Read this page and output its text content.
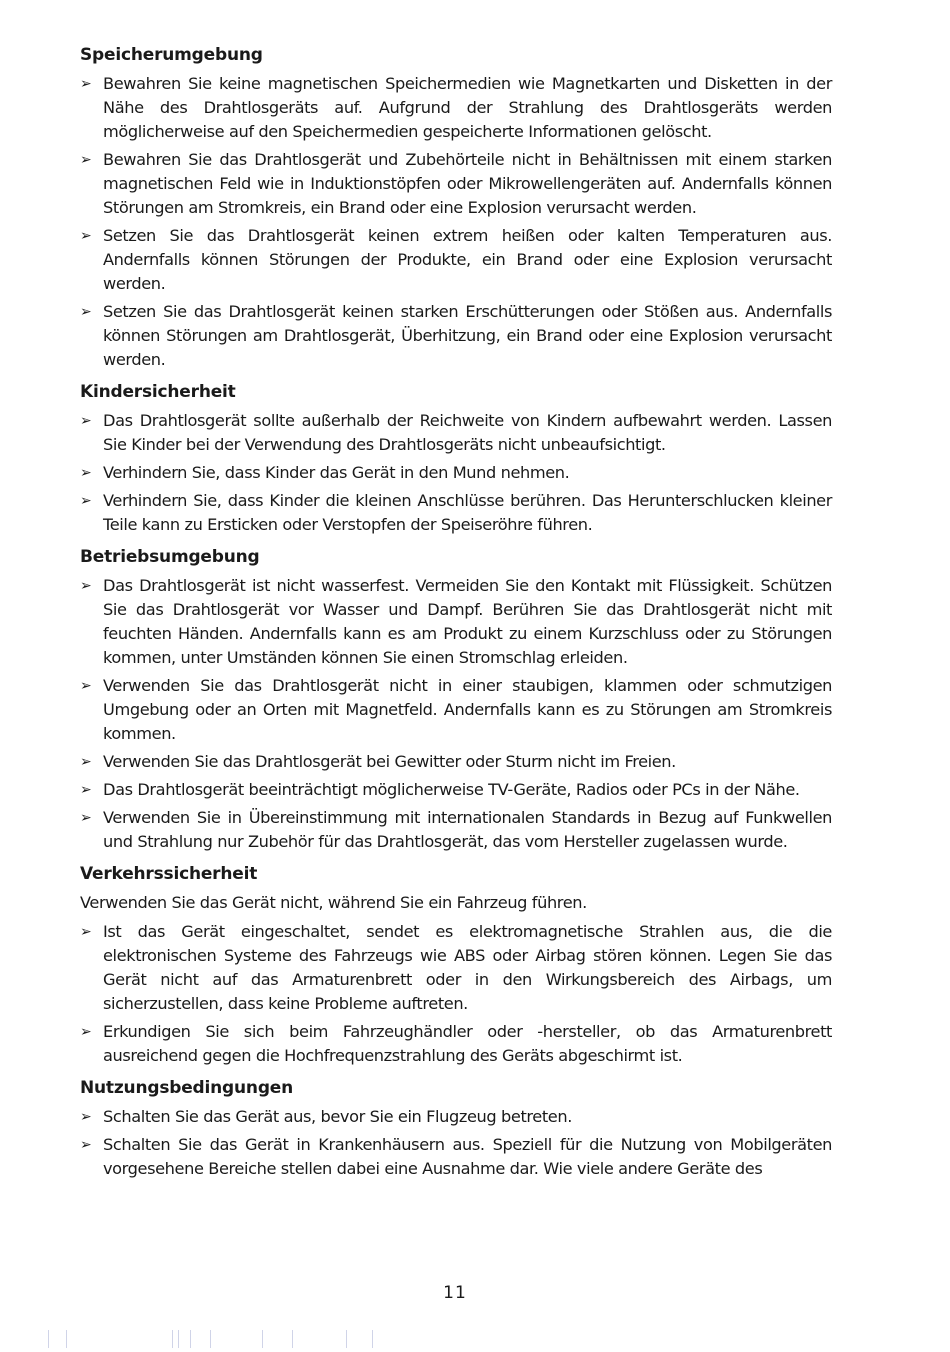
Speicherumgebung
➢ Bewahren Sie keine magnetischen Speichermedien wie Magnetkarten und Disketten in der Nähe des Drahtlosgeräts auf. Aufgrund der Strahlung des Drahtlosgeräts werden möglicherweise auf den Speichermedien gespeicherte Informationen gelöscht.
➢ Bewahren Sie das Drahtlosgerät und Zubehörteile nicht in Behältnissen mit einem starken magnetischen Feld wie in Induktionstöpfen oder Mikrowellengeräten auf. Andernfalls können Störungen am Stromkreis, ein Brand oder eine Explosion verursacht werden.
➢ Setzen Sie das Drahtlosgerät keinen extrem heißen oder kalten Temperaturen aus. Andernfalls können Störungen der Produkte, ein Brand oder eine Explosion verursacht werden.
➢ Setzen Sie das Drahtlosgerät keinen starken Erschütterungen oder Stößen aus. Andernfalls können Störungen am Drahtlosgerät, Überhitzung, ein Brand oder eine Explosion verursacht werden.
Kindersicherheit
➢ Das Drahtlosgerät sollte außerhalb der Reichweite von Kindern aufbewahrt werden. Lassen Sie Kinder bei der Verwendung des Drahtlosgeräts nicht unbeaufsichtigt.
➢ Verhindern Sie, dass Kinder das Gerät in den Mund nehmen.
➢ Verhindern Sie, dass Kinder die kleinen Anschlüsse berühren. Das Herunterschlucken kleiner Teile kann zu Ersticken oder Verstopfen der Speiseröhre führen.
Betriebsumgebung
➢ Das Drahtlosgerät ist nicht wasserfest. Vermeiden Sie den Kontakt mit Flüssigkeit. Schützen Sie das Drahtlosgerät vor Wasser und Dampf. Berühren Sie das Drahtlosgerät nicht mit feuchten Händen. Andernfalls kann es am Produkt zu einem Kurzschluss oder zu Störungen kommen, unter Umständen können Sie einen Stromschlag erleiden.
➢ Verwenden Sie das Drahtlosgerät nicht in einer staubigen, klammen oder schmutzigen Umgebung oder an Orten mit Magnetfeld. Andernfalls kann es zu Störungen am Stromkreis kommen.
➢ Verwenden Sie das Drahtlosgerät bei Gewitter oder Sturm nicht im Freien.
➢ Das Drahtlosgerät beeinträchtigt möglicherweise TV-Geräte, Radios oder PCs in der Nähe.
➢ Verwenden Sie in Übereinstimmung mit internationalen Standards in Bezug auf Funkwellen und Strahlung nur Zubehör für das Drahtlosgerät, das vom Hersteller zugelassen wurde.
Verkehrssicherheit

Verwenden Sie das Gerät nicht, während Sie ein Fahrzeug führen.

➢ Ist das Gerät eingeschaltet, sendet es elektromagnetische Strahlen aus, die die elektronischen Systeme des Fahrzeugs wie ABS oder Airbag stören können. Legen Sie das Gerät nicht auf das Armaturenbrett oder in den Wirkungsbereich des Airbags, um sicherzustellen, dass keine Probleme auftreten.
➢ Erkundigen Sie sich beim Fahrzeughändler oder -hersteller, ob das Armaturenbrett ausreichend gegen die Hochfrequenzstrahlung des Geräts abgeschirmt ist.
Nutzungsbedingungen
➢ Schalten Sie das Gerät aus, bevor Sie ein Flugzeug betreten.
➢ Schalten Sie das Gerät in Krankenhäusern aus. Speziell für die Nutzung von Mobilgeräten vorgesehene Bereiche stellen dabei eine Ausnahme dar. Wie viele andere Geräte des
11
